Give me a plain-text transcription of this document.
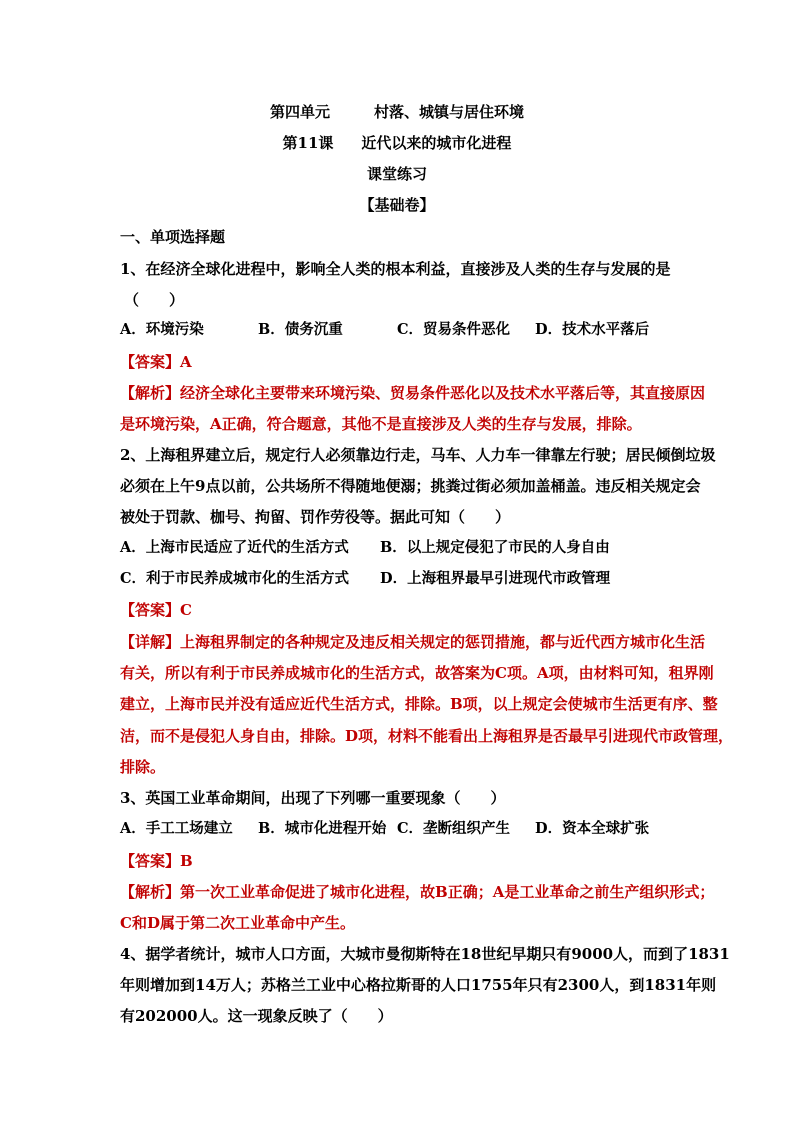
第四单元	村落、城镇与居住环境
第11课 近代以来的城市化进程
课堂练习
【基础卷】
一、单项选择题
1、在经济全球化进程中，影响全人类的根本利益，直接涉及人类的生存与发展的是
（　　）
A．环境污染	B．债务沉重	C．贸易条件恶化 D．技术水平落后
【答案】A
【解析】经济全球化主要带来环境污染、贸易条件恶化以及技术水平落后等，其直接原因
是环境污染，A正确，符合题意，其他不是直接涉及人类的生存与发展，排除。
2、上海租界建立后，规定行人必须靠边行走，马车、人力车一律靠左行驶；居民倾倒垃圾
必须在上午9点以前，公共场所不得随地便溺；挑粪过街必须加盖桶盖。违反相关规定会
被处于罚款、枷号、拘留、罚作劳役等。据此可知（　　）
A．上海市民适应了近代的生活方式 B．以上规定侵犯了市民的人身自由
C．利于市民养成城市化的生活方式 D．上海租界最早引进现代市政管理
【答案】C
【详解】上海租界制定的各种规定及违反相关规定的惩罚措施，都与近代西方城市化生活
有关，所以有利于市民养成城市化的生活方式，故答案为C项。A项，由材料可知，租界刚
建立，上海市民并没有适应近代生活方式，排除。B项，以上规定会使城市生活更有序、整
洁，而不是侵犯人身自由，排除。D项，材料不能看出上海租界是否最早引进现代市政管理，
排除。
3、英国工业革命期间，出现了下列哪一重要现象（　　）
A．手工工场建立 B．城市化进程开始 C．垄断组织产生 D．资本全球扩张
【答案】B
【解析】第一次工业革命促进了城市化进程，故B正确；A是工业革命之前生产组织形式；
C和D属于第二次工业革命中产生。
4、据学者统计，城市人口方面，大城市曼彻斯特在18世纪早期只有9000人，而到了1831
年则增加到14万人；苏格兰工业中心格拉斯哥的人口1755年只有2300人，到1831年则
有202000人。这一现象反映了（　　）
